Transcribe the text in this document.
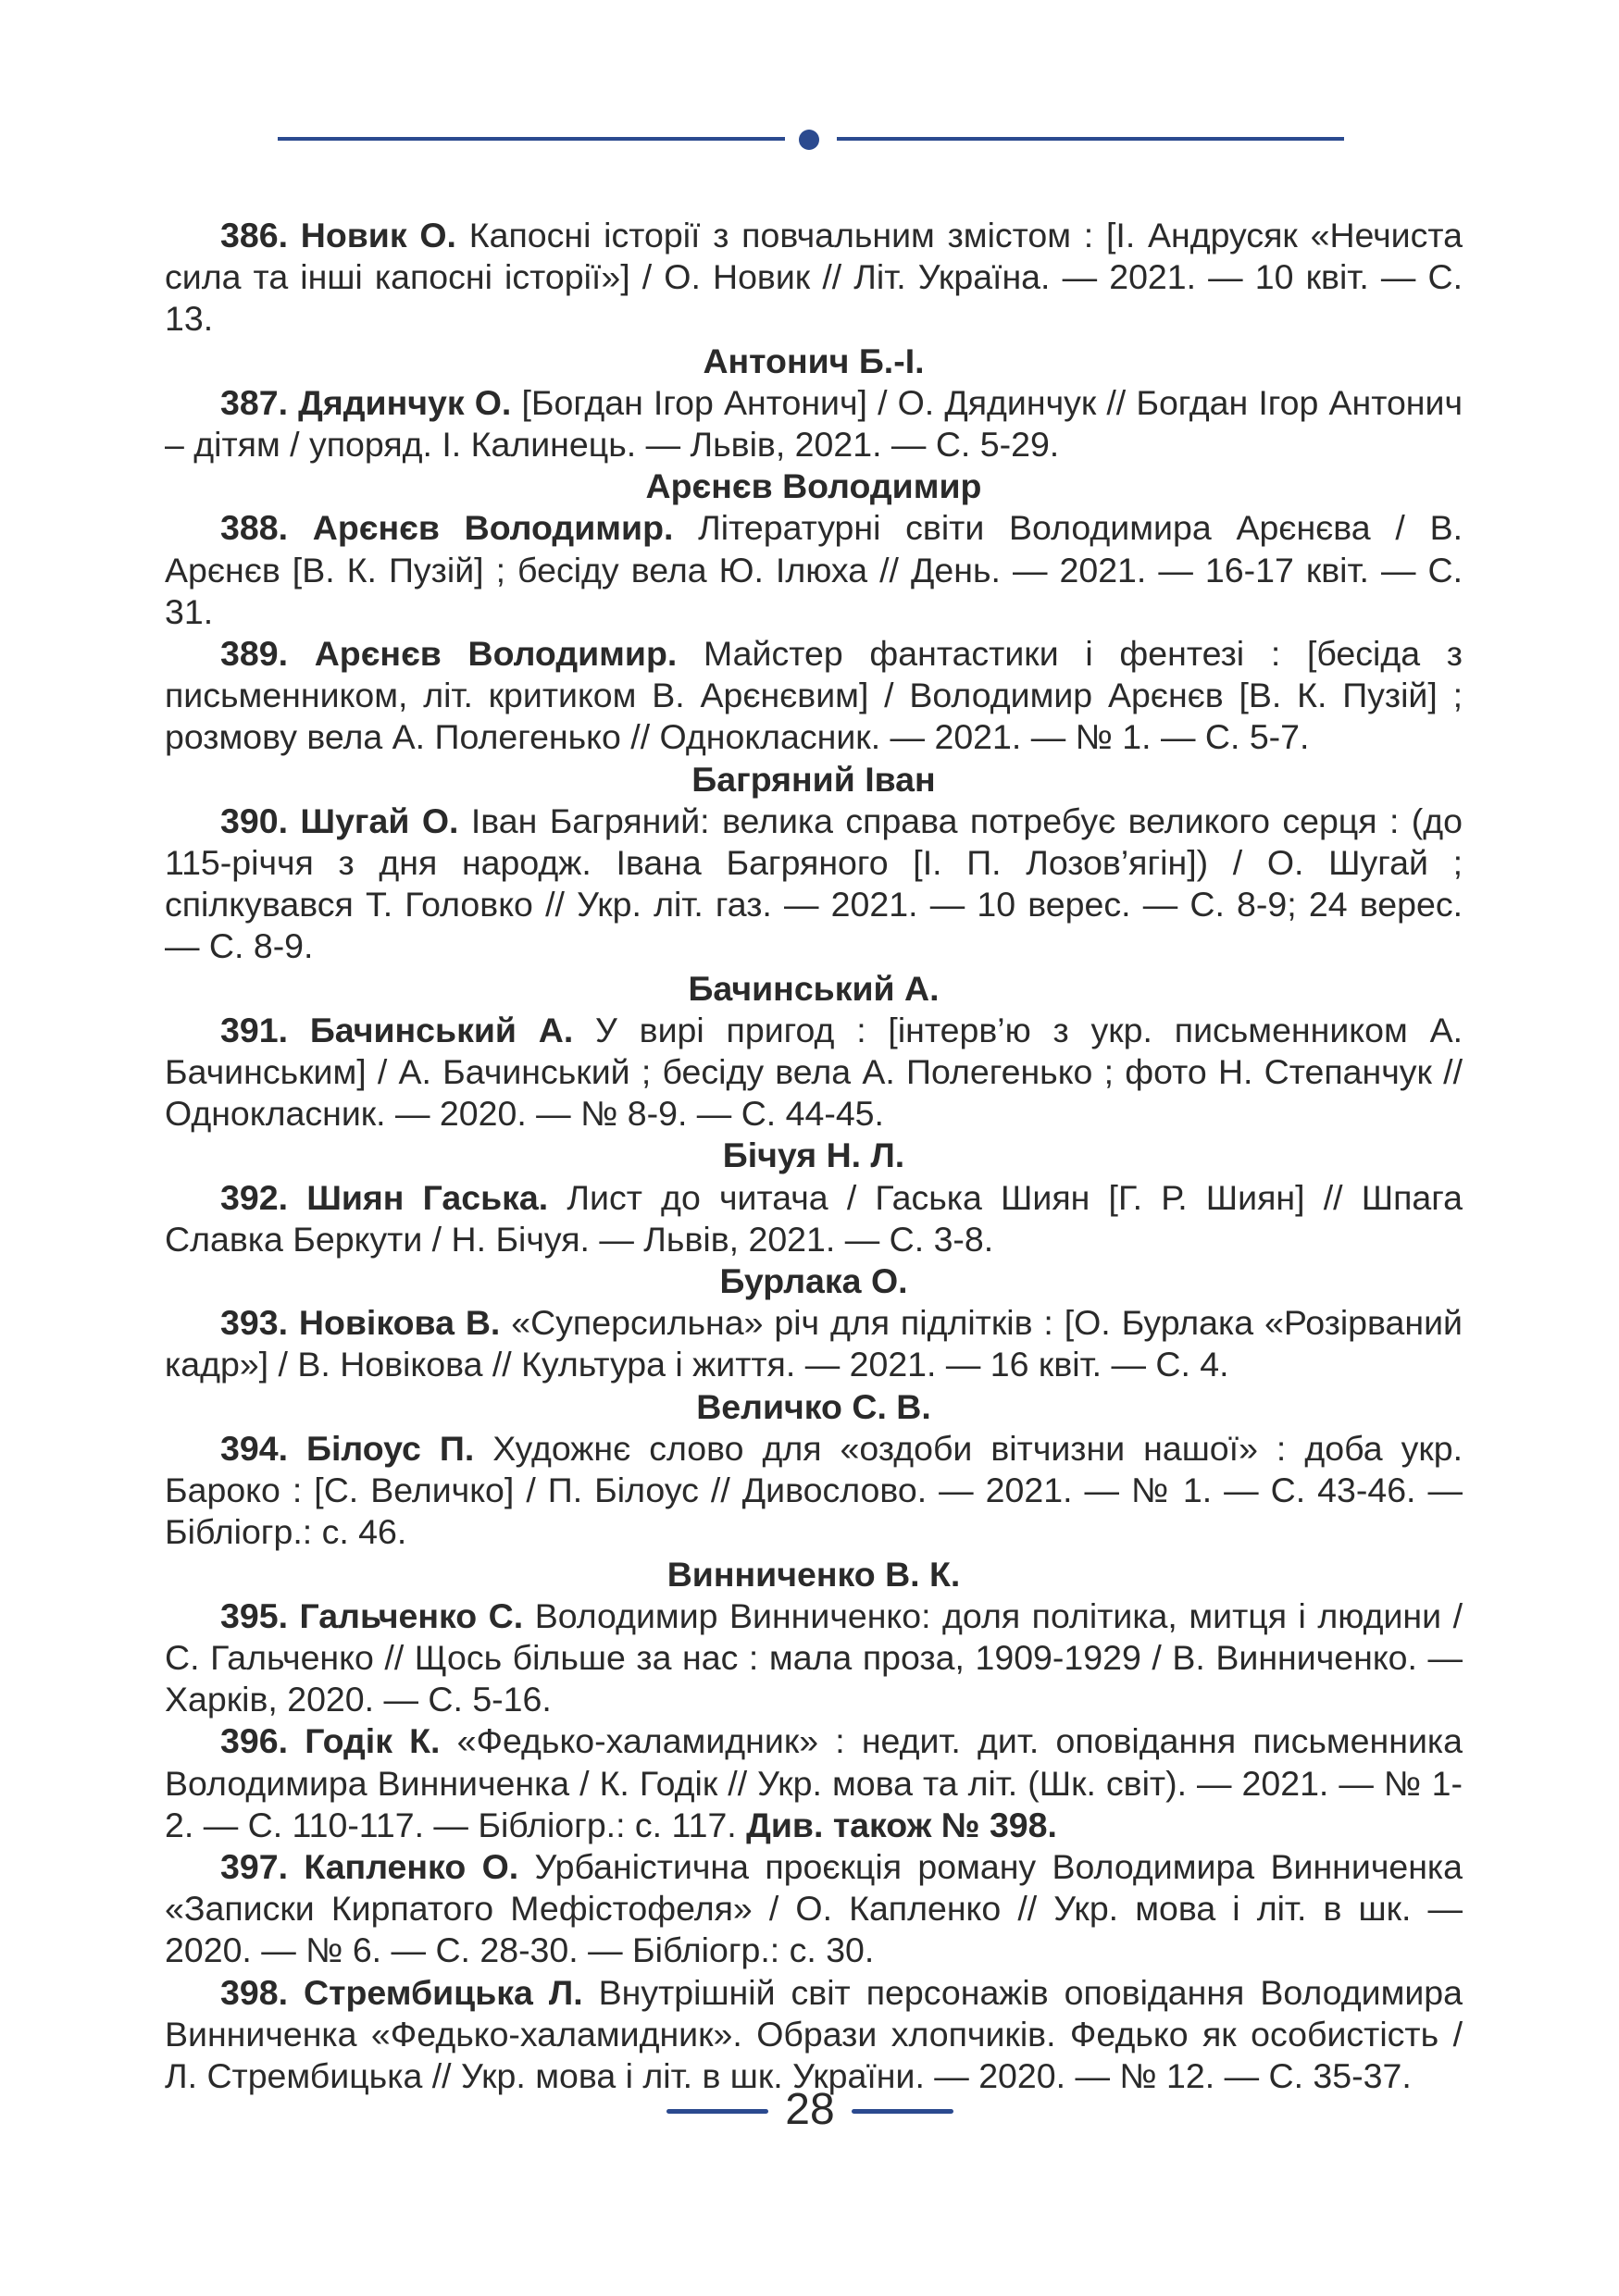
386. Новик О. Капосні історії з повчальним змістом : [І. Андрусяк «Нечиста сила та інші капосні історії»] / О. Новик // Літ. Україна. — 2021. — 10 квіт. — С. 13.

Антонич Б.-І.

387. Дядинчук О. [Богдан Ігор Антонич] / О. Дядинчук // Богдан Ігор Антонич – дітям / упоряд. І. Калинець. — Львів, 2021. — С. 5-29.

Арєнєв Володимир

388. Арєнєв Володимир. Літературні світи Володимира Арєнєва / В. Арєнєв [В. К. Пузій] ; бесіду вела Ю. Ілюха // День. — 2021. — 16-17 квіт. — С. 31.

389. Арєнєв Володимир. Майстер фантастики і фентезі : [бесіда з письменником, літ. критиком В. Арєнєвим] / Володимир Арєнєв [В. К. Пузій] ; розмову вела А. Полегенько // Однокласник. — 2021. — № 1. — С. 5-7.

Багряний Іван

390. Шугай О. Іван Багряний: велика справа потребує великого серця : (до 115-річчя з дня народж. Івана Багряного [І. П. Лозов’ягін]) / О. Шугай ; спілкувався Т. Головко // Укр. літ. газ. — 2021. — 10 верес. — С. 8-9; 24 верес. — С. 8-9.

Бачинський А.

391. Бачинський А. У вирі пригод : [інтерв’ю з укр. письменником А. Бачинським] / А. Бачинський ; бесіду вела А. Полегенько ; фото Н. Степанчук // Однокласник. — 2020. — № 8-9. — С. 44-45.

Бічуя Н. Л.

392. Шиян Гаська. Лист до читача / Гаська Шиян [Г. Р. Шиян] // Шпага Славка Беркути / Н. Бічуя. — Львів, 2021. — С. 3-8.

Бурлака О.

393. Новікова В. «Суперсильна» річ для підлітків : [О. Бурлака «Розірваний кадр»] / В. Новікова // Культура і життя. — 2021. — 16 квіт. — С. 4.

Величко С. В.

394. Білоус П. Художнє слово для «оздоби вітчизни нашої» : доба укр. Бароко : [С. Величко] / П. Білоус // Дивослово. — 2021. — № 1. — С. 43-46. — Бібліогр.: с. 46.

Винниченко В. К.

395. Гальченко С. Володимир Винниченко: доля політика, митця і людини / С. Гальченко // Щось більше за нас : мала проза, 1909-1929 / В. Винниченко. — Харків, 2020. — С. 5-16.

396. Годік К. «Федько-халамидник» : недит. дит. оповідання письменника Володимира Винниченка / К. Годік // Укр. мова та літ. (Шк. світ). — 2021. — № 1-2. — С. 110-117. — Бібліогр.: с. 117. Див. також № 398.

397. Капленко О. Урбаністична проєкція роману Володимира Винниченка «Записки Кирпатого Мефістофеля» / О. Капленко // Укр. мова і літ. в шк. — 2020. — № 6. — С. 28-30. — Бібліогр.: с. 30.

398. Стрембицька Л. Внутрішній світ персонажів оповідання Володимира Винниченка «Федько-халамидник». Образи хлопчиків. Федько як особистість / Л. Стрембицька // Укр. мова і літ. в шк. України. — 2020. — № 12. — С. 35-37.

28
